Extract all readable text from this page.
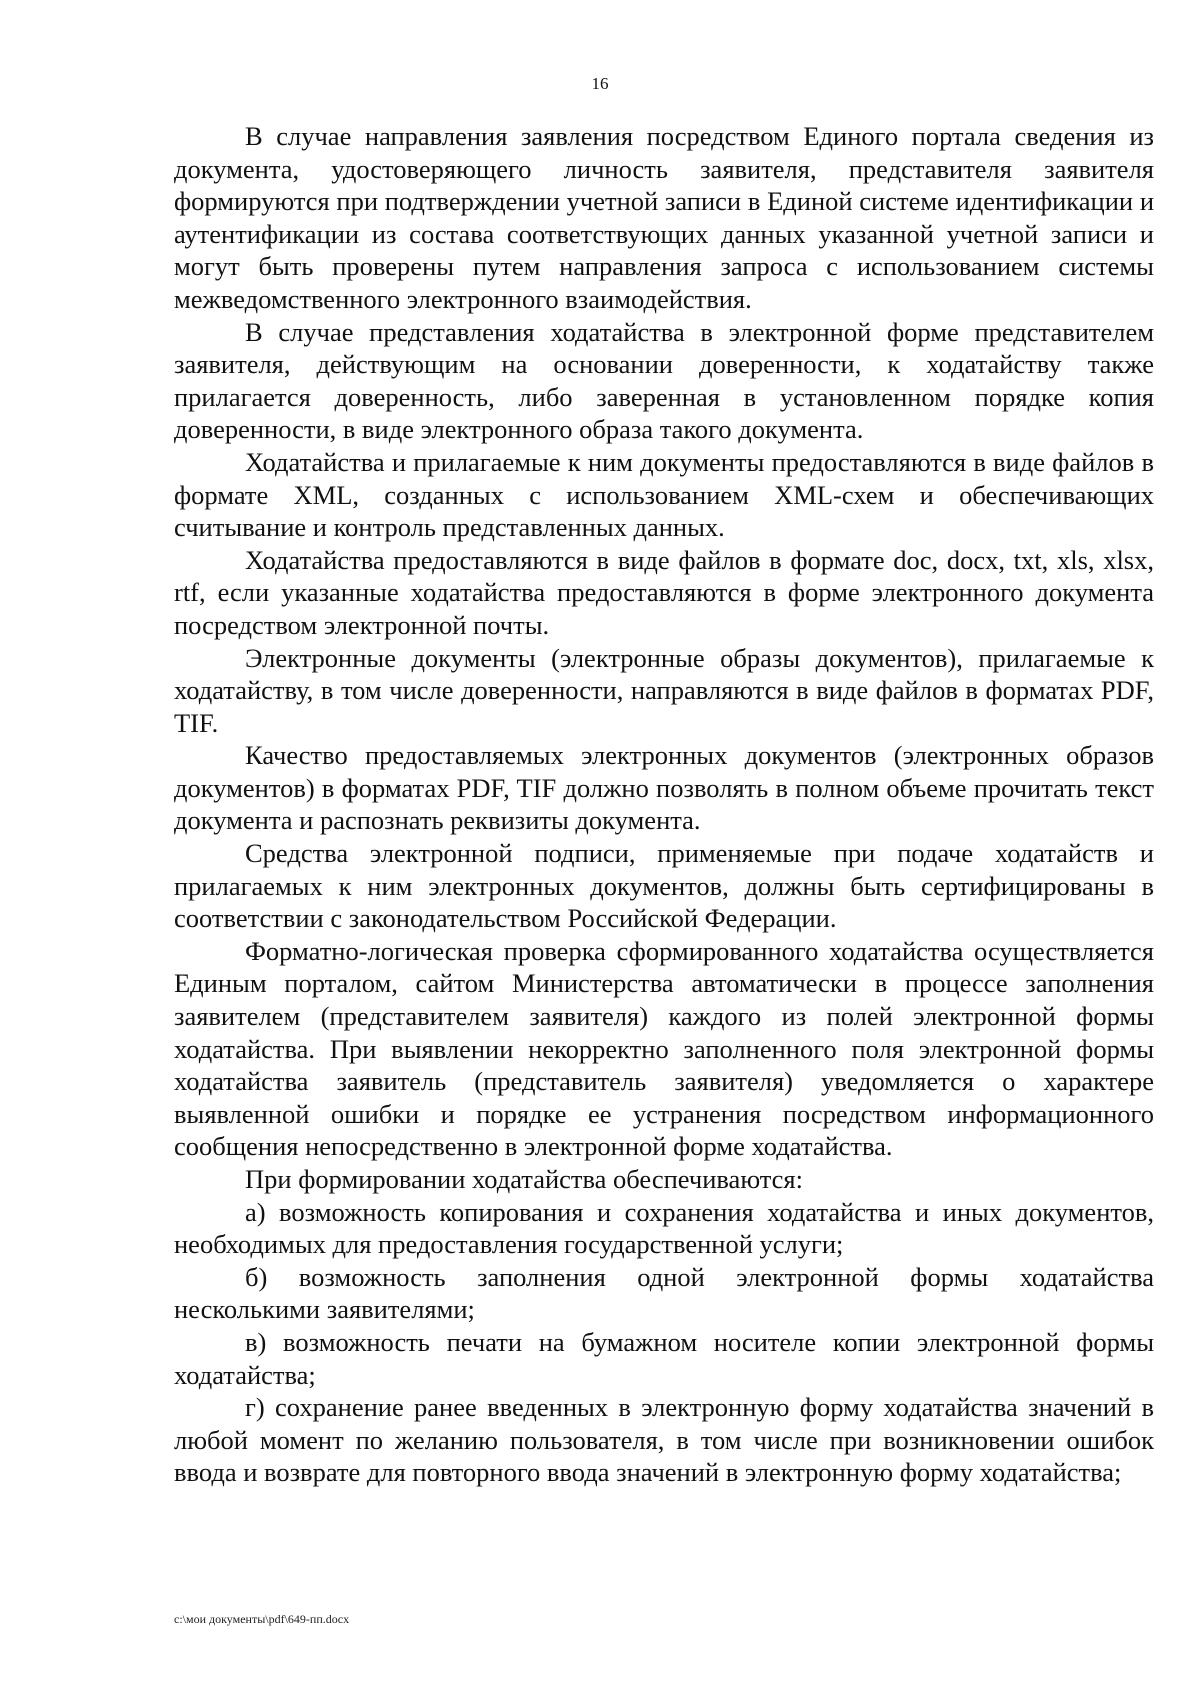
16

В случае направления заявления посредством Единого портала сведения из документа, удостоверяющего личность заявителя, представителя заявителя формируются при подтверждении учетной записи в Единой системе идентификации и аутентификации из состава соответствующих данных указанной учетной записи и могут быть проверены путем направления запроса с использованием системы межведомственного электронного взаимодействия.

В случае представления ходатайства в электронной форме представителем заявителя, действующим на основании доверенности, к ходатайству также прилагается доверенность, либо заверенная в установленном порядке копия доверенности, в виде электронного образа такого документа.

Ходатайства и прилагаемые к ним документы предоставляются в виде файлов в формате XML, созданных с использованием XML-схем и обеспечивающих считывание и контроль представленных данных.

Ходатайства предоставляются в виде файлов в формате doc, docx, txt, xls, xlsx, rtf, если указанные ходатайства предоставляются в форме электронного документа посредством электронной почты.

Электронные документы (электронные образы документов), прилагаемые к ходатайству, в том числе доверенности, направляются в виде файлов в форматах PDF, TIF.

Качество предоставляемых электронных документов (электронных образов документов) в форматах PDF, TIF должно позволять в полном объеме прочитать текст документа и распознать реквизиты документа.

Средства электронной подписи, применяемые при подаче ходатайств и прилагаемых к ним электронных документов, должны быть сертифицированы в соответствии с законодательством Российской Федерации.

Форматно-логическая проверка сформированного ходатайства осуществляется Единым порталом, сайтом Министерства автоматически в процессе заполнения заявителем (представителем заявителя) каждого из полей электронной формы ходатайства. При выявлении некорректно заполненного поля электронной формы ходатайства заявитель (представитель заявителя) уведомляется о характере выявленной ошибки и порядке ее устранения посредством информационного сообщения непосредственно в электронной форме ходатайства.

При формировании ходатайства обеспечиваются:

а) возможность копирования и сохранения ходатайства и иных документов, необходимых для предоставления государственной услуги;

б) возможность заполнения одной электронной формы ходатайства несколькими заявителями;

в) возможность печати на бумажном носителе копии электронной формы ходатайства;

г) сохранение ранее введенных в электронную форму ходатайства значений в любой момент по желанию пользователя, в том числе при возникновении ошибок ввода и возврате для повторного ввода значений в электронную форму ходатайства;

c:\мои документы\pdf\649-пп.docx
